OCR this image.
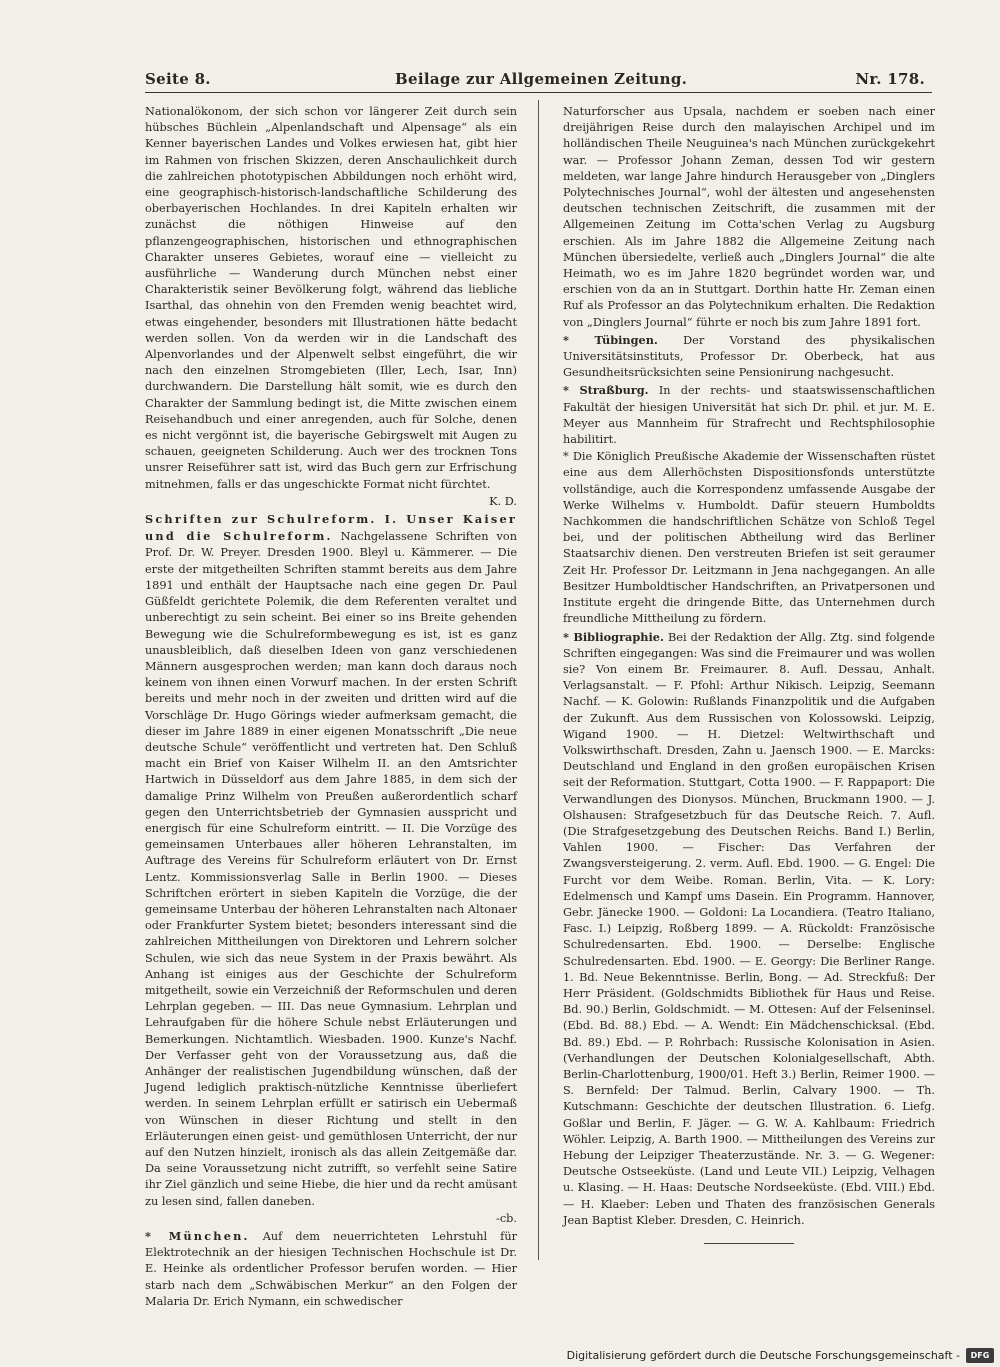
Seite 8.	Beilage zur Allgemeinen Zeitung.	Nr. 178.

Nationalökonom, der sich schon vor längerer Zeit durch sein hübsches Büchlein „Alpenlandschaft und Alpensage“ als ein Kenner bayerischen Landes und Volkes erwiesen hat, gibt hier im Rahmen von frischen Skizzen, deren Anschaulichkeit durch die zahlreichen phototypischen Abbildungen noch erhöht wird, eine geographisch-historisch-landschaftliche Schilderung des oberbayerischen Hochlandes. In drei Kapiteln erhalten wir zunächst die nöthigen Hinweise auf den pflanzengeographischen, historischen und ethnographischen Charakter unseres Gebietes, worauf eine — vielleicht zu ausführliche — Wanderung durch München nebst einer Charakteristik seiner Bevölkerung folgt, während das liebliche Isarthal, das ohnehin von den Fremden wenig beachtet wird, etwas eingehender, besonders mit Illustrationen hätte bedacht werden sollen. Von da werden wir in die Landschaft des Alpenvorlandes und der Alpenwelt selbst eingeführt, die wir nach den einzelnen Stromgebieten (Iller, Lech, Isar, Inn) durchwandern. Die Darstellung hält somit, wie es durch den Charakter der Sammlung bedingt ist, die Mitte zwischen einem Reisehandbuch und einer anregenden, auch für Solche, denen es nicht vergönnt ist, die bayerische Gebirgswelt mit Augen zu schauen, geeigneten Schilderung. Auch wer des trocknen Tons unsrer Reiseführer satt ist, wird das Buch gern zur Erfrischung mitnehmen, falls er das ungeschickte Format nicht fürchtet.

K. D.

Schriften zur Schulreform. I. Unser Kaiser und die Schulreform. Nachgelassene Schriften von Prof. Dr. W. Preyer. Dresden 1900. Bleyl u. Kämmerer. — Die erste der mitgetheilten Schriften stammt bereits aus dem Jahre 1891 und enthält der Hauptsache nach eine gegen Dr. Paul Güßfeldt gerichtete Polemik, die dem Referenten veraltet und unberechtigt zu sein scheint. Bei einer so ins Breite gehenden Bewegung wie die Schulreformbewegung es ist, ist es ganz unausbleiblich, daß dieselben Ideen von ganz verschiedenen Männern ausgesprochen werden; man kann doch daraus noch keinem von ihnen einen Vorwurf machen. In der ersten Schrift bereits und mehr noch in der zweiten und dritten wird auf die Vorschläge Dr. Hugo Görings wieder aufmerksam gemacht, die dieser im Jahre 1889 in einer eigenen Monatsschrift „Die neue deutsche Schule“ veröffentlicht und vertreten hat. Den Schluß macht ein Brief von Kaiser Wilhelm II. an den Amtsrichter Hartwich in Düsseldorf aus dem Jahre 1885, in dem sich der damalige Prinz Wilhelm von Preußen außerordentlich scharf gegen den Unterrichtsbetrieb der Gymnasien ausspricht und energisch für eine Schulreform eintritt. — II. Die Vorzüge des gemeinsamen Unterbaues aller höheren Lehranstalten, im Auftrage des Vereins für Schulreform erläutert von Dr. Ernst Lentz. Kommissionsverlag Salle in Berlin 1900. — Dieses Schriftchen erörtert in sieben Kapiteln die Vorzüge, die der gemeinsame Unterbau der höheren Lehranstalten nach Altonaer oder Frankfurter System bietet; besonders interessant sind die zahlreichen Mittheilungen von Direktoren und Lehrern solcher Schulen, wie sich das neue System in der Praxis bewährt. Als Anhang ist einiges aus der Geschichte der Schulreform mitgetheilt, sowie ein Verzeichniß der Reformschulen und deren Lehrplan gegeben. — III. Das neue Gymnasium. Lehrplan und Lehraufgaben für die höhere Schule nebst Erläuterungen und Bemerkungen. Nichtamtlich. Wiesbaden. 1900. Kunze's Nachf. Der Verfasser geht von der Voraussetzung aus, daß die Anhänger der realistischen Jugendbildung wünschen, daß der Jugend lediglich praktisch-nützliche Kenntnisse überliefert werden. In seinem Lehrplan erfüllt er satirisch ein Uebermaß von Wünschen in dieser Richtung und stellt in den Erläuterungen einen geist- und gemüthlosen Unterricht, der nur auf den Nutzen hinzielt, ironisch als das allein Zeitgemäße dar. Da seine Voraussetzung nicht zutrifft, so verfehlt seine Satire ihr Ziel gänzlich und seine Hiebe, die hier und da recht amüsant zu lesen sind, fallen daneben.

-cb.

* München. Auf dem neuerrichteten Lehrstuhl für Elektrotechnik an der hiesigen Technischen Hochschule ist Dr. E. Heinke als ordentlicher Professor berufen worden. — Hier starb nach dem „Schwäbischen Merkur“ an den Folgen der Malaria Dr. Erich Nymann, ein schwedischer

Naturforscher aus Upsala, nachdem er soeben nach einer dreijährigen Reise durch den malayischen Archipel und im holländischen Theile Neuguinea's nach München zurückgekehrt war. — Professor Johann Zeman, dessen Tod wir gestern meldeten, war lange Jahre hindurch Herausgeber von „Dinglers Polytechnisches Journal“, wohl der ältesten und angesehensten deutschen technischen Zeitschrift, die zusammen mit der Allgemeinen Zeitung im Cotta'schen Verlag zu Augsburg erschien. Als im Jahre 1882 die Allgemeine Zeitung nach München übersiedelte, verließ auch „Dinglers Journal“ die alte Heimath, wo es im Jahre 1820 begründet worden war, und erschien von da an in Stuttgart. Dorthin hatte Hr. Zeman einen Ruf als Professor an das Polytechnikum erhalten. Die Redaktion von „Dinglers Journal“ führte er noch bis zum Jahre 1891 fort.

* Tübingen. Der Vorstand des physikalischen Universitätsinstituts, Professor Dr. Oberbeck, hat aus Gesundheitsrücksichten seine Pensionirung nachgesucht.

* Straßburg. In der rechts- und staatswissenschaftlichen Fakultät der hiesigen Universität hat sich Dr. phil. et jur. M. E. Meyer aus Mannheim für Strafrecht und Rechtsphilosophie habilitirt.

* Die Königlich Preußische Akademie der Wissenschaften rüstet eine aus dem Allerhöchsten Dispositionsfonds unterstützte vollständige, auch die Korrespondenz umfassende Ausgabe der Werke Wilhelms v. Humboldt. Dafür steuern Humboldts Nachkommen die handschriftlichen Schätze von Schloß Tegel bei, und der politischen Abtheilung wird das Berliner Staatsarchiv dienen. Den verstreuten Briefen ist seit geraumer Zeit Hr. Professor Dr. Leitzmann in Jena nachgegangen. An alle Besitzer Humboldtischer Handschriften, an Privatpersonen und Institute ergeht die dringende Bitte, das Unternehmen durch freundliche Mittheilung zu fördern.

* Bibliographie. Bei der Redaktion der Allg. Ztg. sind folgende Schriften eingegangen: Was sind die Freimaurer und was wollen sie? Von einem Br. Freimaurer. 8. Aufl. Dessau, Anhalt. Verlagsanstalt. — F. Pfohl: Arthur Nikisch. Leipzig, Seemann Nachf. — K. Golowin: Rußlands Finanzpolitik und die Aufgaben der Zukunft. Aus dem Russischen von Kolossowski. Leipzig, Wigand 1900. — H. Dietzel: Weltwirthschaft und Volkswirthschaft. Dresden, Zahn u. Jaensch 1900. — E. Marcks: Deutschland und England in den großen europäischen Krisen seit der Reformation. Stuttgart, Cotta 1900. — F. Rappaport: Die Verwandlungen des Dionysos. München, Bruckmann 1900. — J. Olshausen: Strafgesetzbuch für das Deutsche Reich. 7. Aufl. (Die Strafgesetzgebung des Deutschen Reichs. Band I.) Berlin, Vahlen 1900. — Fischer: Das Verfahren der Zwangsversteigerung. 2. verm. Aufl. Ebd. 1900. — G. Engel: Die Furcht vor dem Weibe. Roman. Berlin, Vita. — K. Lory: Edelmensch und Kampf ums Dasein. Ein Programm. Hannover, Gebr. Jänecke 1900. — Goldoni: La Locandiera. (Teatro Italiano, Fasc. I.) Leipzig, Roßberg 1899. — A. Rückoldt: Französische Schulredensarten. Ebd. 1900. — Derselbe: Englische Schulredensarten. Ebd. 1900. — E. Georgy: Die Berliner Range. 1. Bd. Neue Bekenntnisse. Berlin, Bong. — Ad. Streckfuß: Der Herr Präsident. (Goldschmidts Bibliothek für Haus und Reise. Bd. 90.) Berlin, Goldschmidt. — M. Ottesen: Auf der Felseninsel. (Ebd. Bd. 88.) Ebd. — A. Wendt: Ein Mädchenschicksal. (Ebd. Bd. 89.) Ebd. — P. Rohrbach: Russische Kolonisation in Asien. (Verhandlungen der Deutschen Kolonialgesellschaft, Abth. Berlin-Charlottenburg, 1900/01. Heft 3.) Berlin, Reimer 1900. — S. Bernfeld: Der Talmud. Berlin, Calvary 1900. — Th. Kutschmann: Geschichte der deutschen Illustration. 6. Liefg. Goßlar und Berlin, F. Jäger. — G. W. A. Kahlbaum: Friedrich Wöhler. Leipzig, A. Barth 1900. — Mittheilungen des Vereins zur Hebung der Leipziger Theaterzustände. Nr. 3. — G. Wegener: Deutsche Ostseeküste. (Land und Leute VII.) Leipzig, Velhagen u. Klasing. — H. Haas: Deutsche Nordseeküste. (Ebd. VIII.) Ebd. — H. Klaeber: Leben und Thaten des französischen Generals Jean Baptist Kleber. Dresden, C. Heinrich.

Digitalisierung gefördert durch die Deutsche Forschungsgemeinschaft -	DFG
